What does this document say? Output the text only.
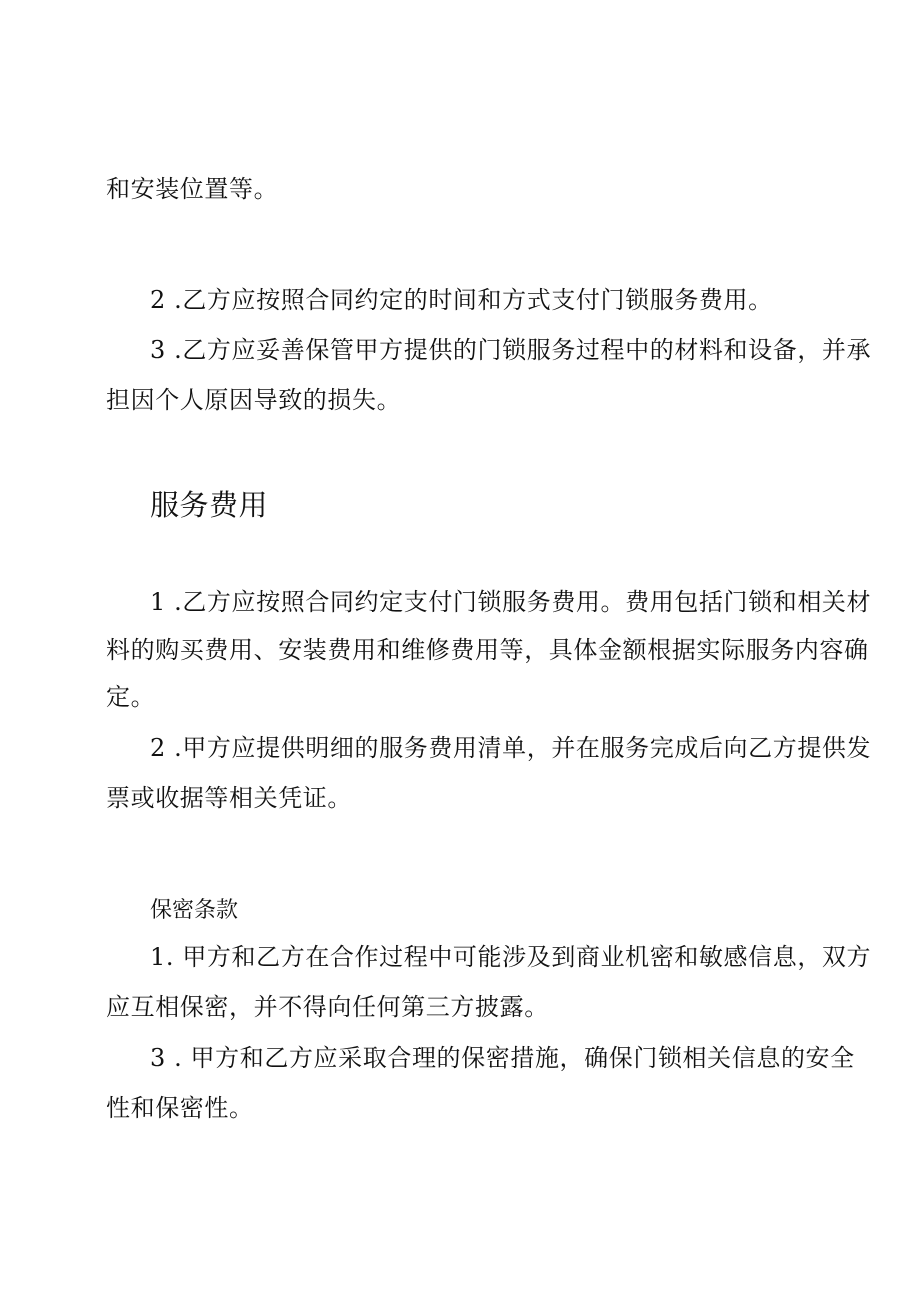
和安装位置等。
2 .乙方应按照合同约定的时间和方式支付门锁服务费用。
3 .乙方应妥善保管甲方提供的门锁服务过程中的材料和设备，并承
担因个人原因导致的损失。
服务费用
1 .乙方应按照合同约定支付门锁服务费用。费用包括门锁和相关材
料的购买费用、安装费用和维修费用等，具体金额根据实际服务内容确
定。
2 .甲方应提供明细的服务费用清单，并在服务完成后向乙方提供发
票或收据等相关凭证。
保密条款
1. 甲方和乙方在合作过程中可能涉及到商业机密和敏感信息，双方
应互相保密，并不得向任何第三方披露。
3 . 甲方和乙方应采取合理的保密措施，确保门锁相关信息的安全
性和保密性。
